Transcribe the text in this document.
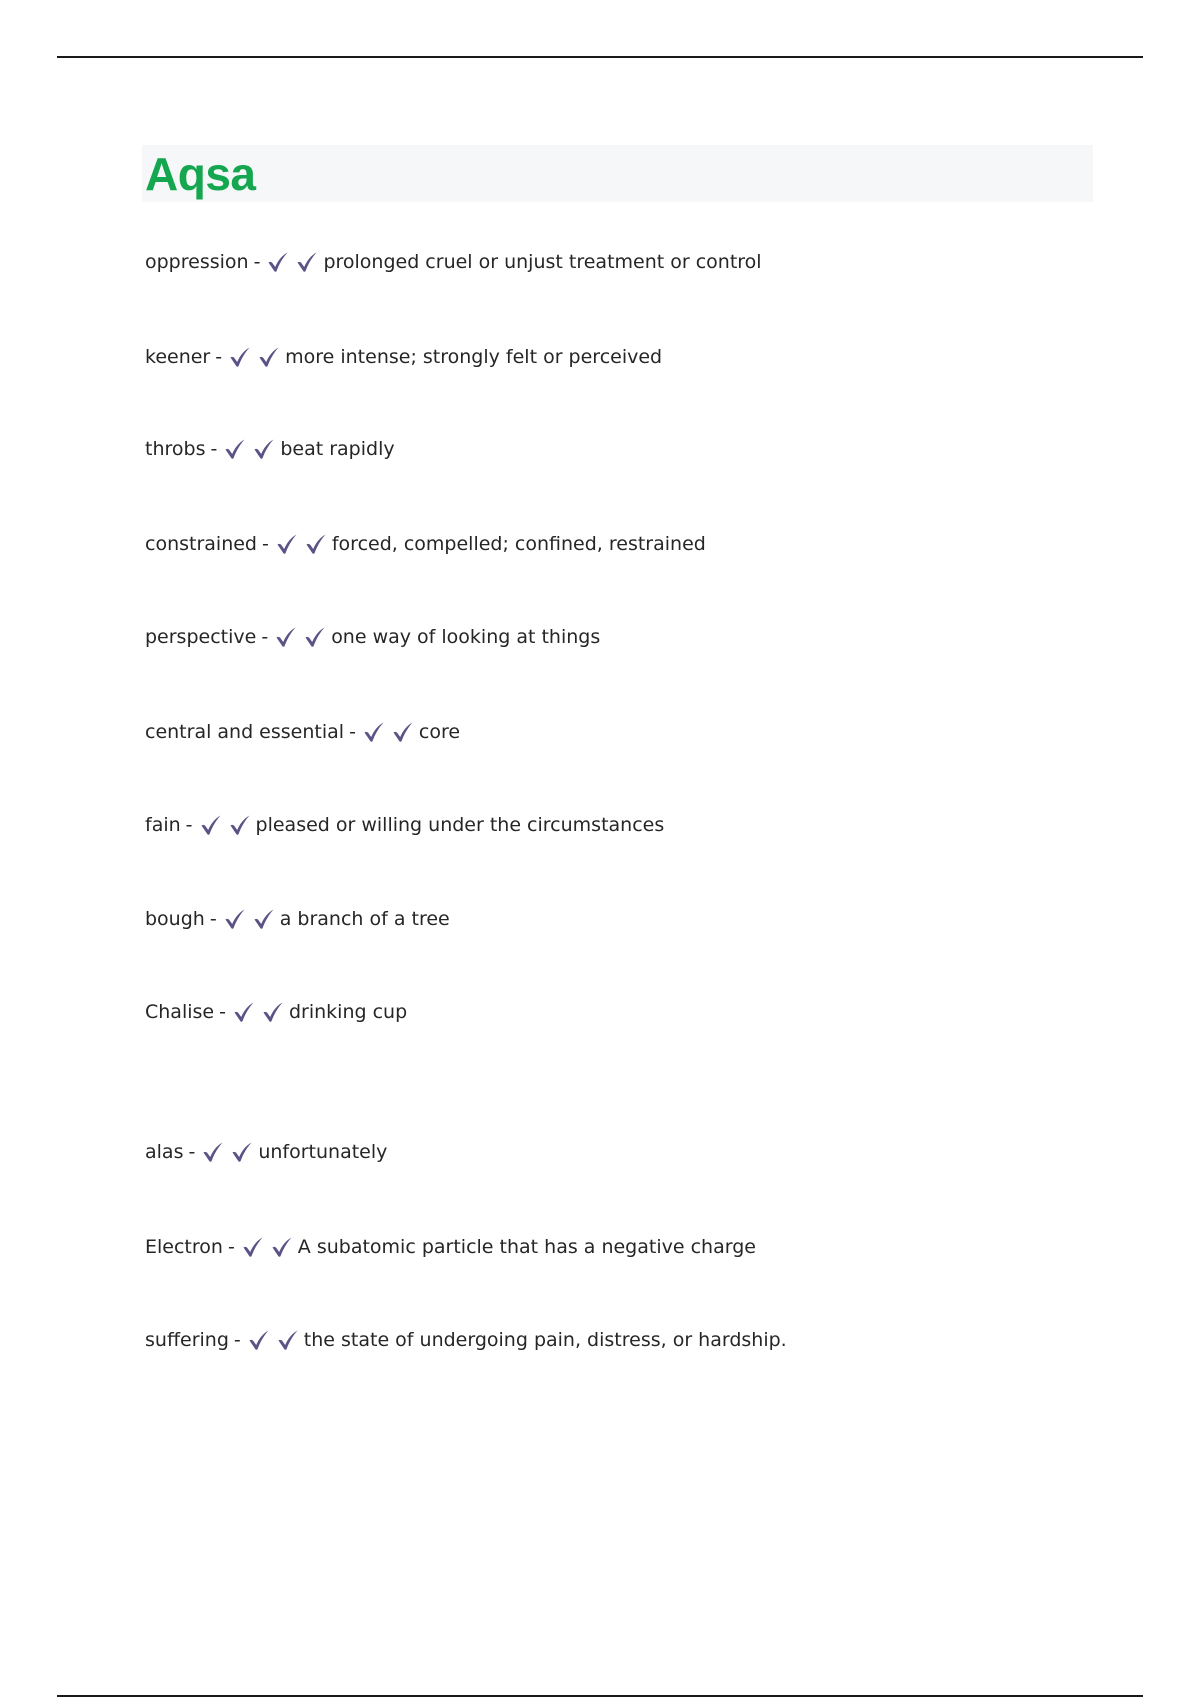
Aqsa
oppression -	prolonged cruel or unjust treatment or control
keener -	more intense; strongly felt or perceived
throbs -	beat rapidly
constrained -	forced, compelled; confined, restrained
perspective -	one way of looking at things
central and essential -	core
fain -	pleased or willing under the circumstances
bough -	a branch of a tree
Chalise -	drinking cup
alas -	unfortunately
Electron -	A subatomic particle that has a negative charge
suffering -	the state of undergoing pain, distress, or hardship.
